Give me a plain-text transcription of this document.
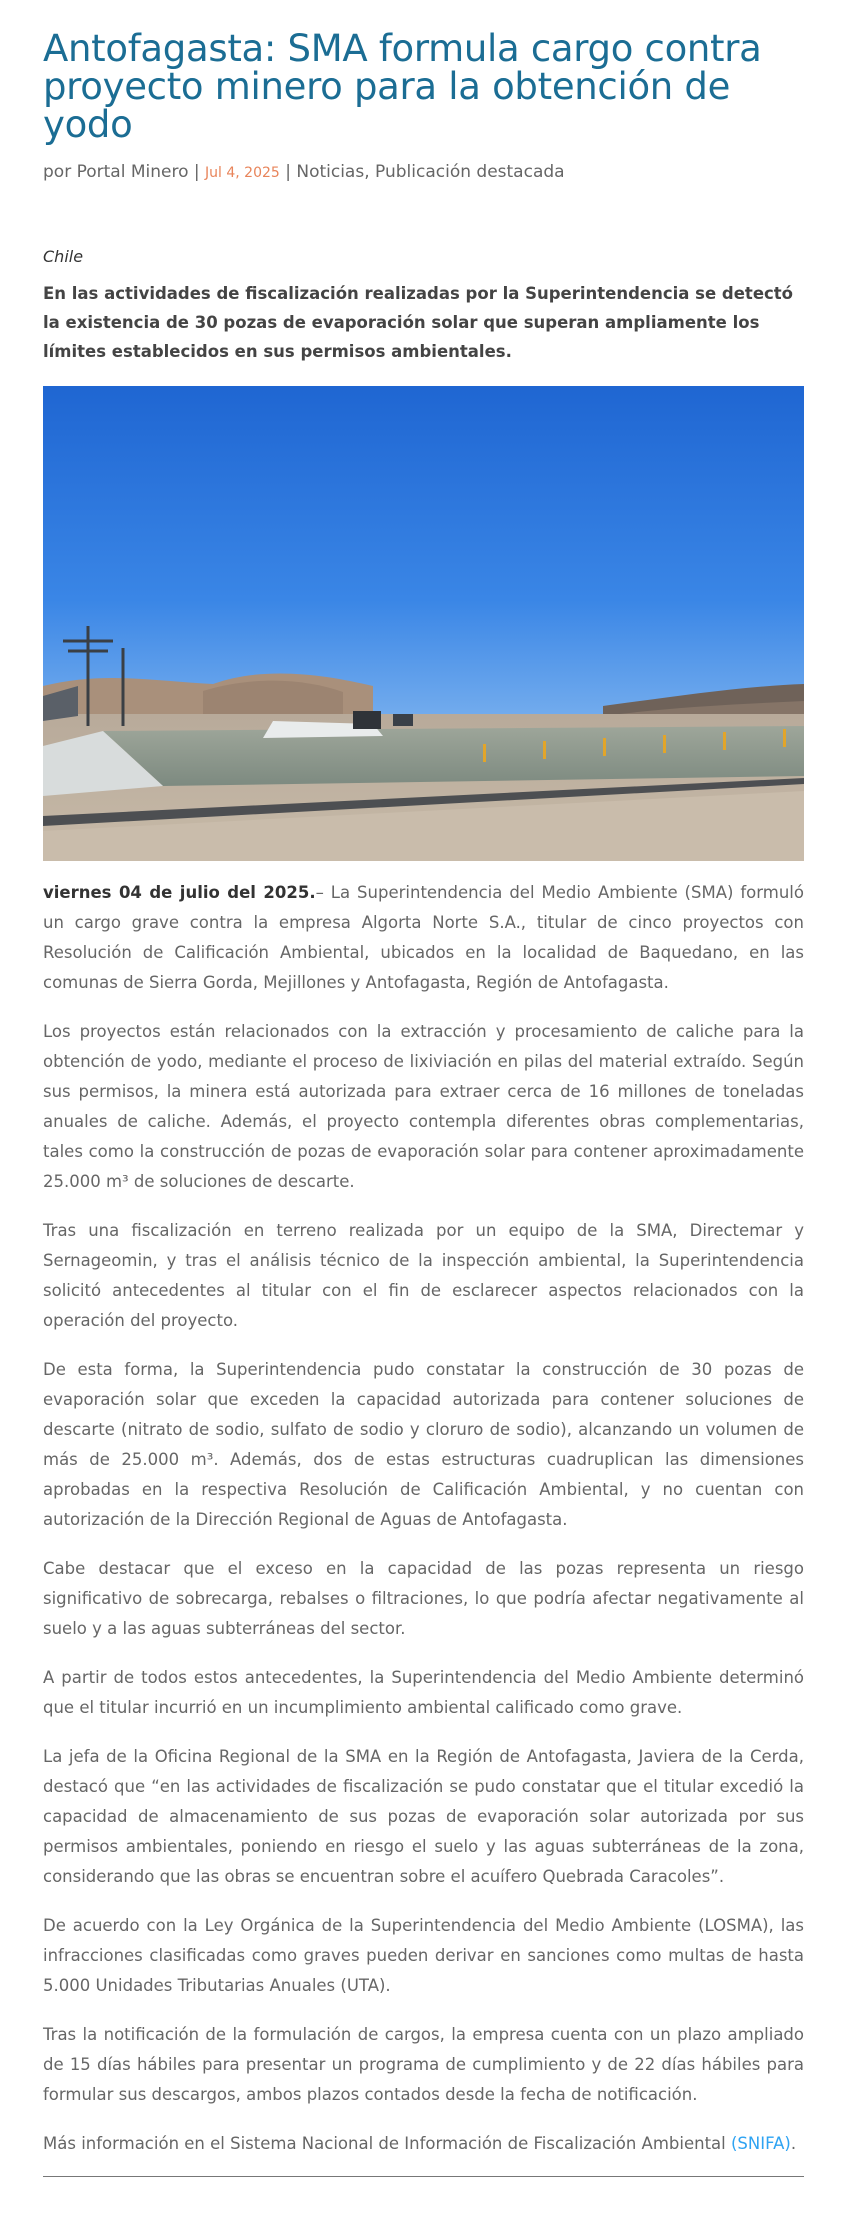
Antofagasta: SMA formula cargo contra proyecto minero para la obtención de yodo
por Portal Minero | Jul 4, 2025 | Noticias, Publicación destacada
Chile
En las actividades de fiscalización realizadas por la Superintendencia se detectó la existencia de 30 pozas de evaporación solar que superan ampliamente los límites establecidos en sus permisos ambientales.

viernes 04 de julio del 2025.– La Superintendencia del Medio Ambiente (SMA) formuló un cargo grave contra la empresa Algorta Norte S.A., titular de cinco proyectos con Resolución de Calificación Ambiental, ubicados en la localidad de Baquedano, en las comunas de Sierra Gorda, Mejillones y Antofagasta, Región de Antofagasta.

Los proyectos están relacionados con la extracción y procesamiento de caliche para la obtención de yodo, mediante el proceso de lixiviación en pilas del material extraído. Según sus permisos, la minera está autorizada para extraer cerca de 16 millones de toneladas anuales de caliche. Además, el proyecto contempla diferentes obras complementarias, tales como la construcción de pozas de evaporación solar para contener aproximadamente 25.000 m³ de soluciones de descarte.

Tras una fiscalización en terreno realizada por un equipo de la SMA, Directemar y Sernageomin, y tras el análisis técnico de la inspección ambiental, la Superintendencia solicitó antecedentes al titular con el fin de esclarecer aspectos relacionados con la operación del proyecto.

De esta forma, la Superintendencia pudo constatar la construcción de 30 pozas de evaporación solar que exceden la capacidad autorizada para contener soluciones de descarte (nitrato de sodio, sulfato de sodio y cloruro de sodio), alcanzando un volumen de más de 25.000 m³. Además, dos de estas estructuras cuadruplican las dimensiones aprobadas en la respectiva Resolución de Calificación Ambiental, y no cuentan con autorización de la Dirección Regional de Aguas de Antofagasta.

Cabe destacar que el exceso en la capacidad de las pozas representa un riesgo significativo de sobrecarga, rebalses o filtraciones, lo que podría afectar negativamente al suelo y a las aguas subterráneas del sector.

A partir de todos estos antecedentes, la Superintendencia del Medio Ambiente determinó que el titular incurrió en un incumplimiento ambiental calificado como grave.

La jefa de la Oficina Regional de la SMA en la Región de Antofagasta, Javiera de la Cerda, destacó que “en las actividades de fiscalización se pudo constatar que el titular excedió la capacidad de almacenamiento de sus pozas de evaporación solar autorizada por sus permisos ambientales, poniendo en riesgo el suelo y las aguas subterráneas de la zona, considerando que las obras se encuentran sobre el acuífero Quebrada Caracoles”.

De acuerdo con la Ley Orgánica de la Superintendencia del Medio Ambiente (LOSMA), las infracciones clasificadas como graves pueden derivar en sanciones como multas de hasta 5.000 Unidades Tributarias Anuales (UTA).

Tras la notificación de la formulación de cargos, la empresa cuenta con un plazo ampliado de 15 días hábiles para presentar un programa de cumplimiento y de 22 días hábiles para formular sus descargos, ambos plazos contados desde la fecha de notificación.

Más información en el Sistema Nacional de Información de Fiscalización Ambiental (SNIFA).
